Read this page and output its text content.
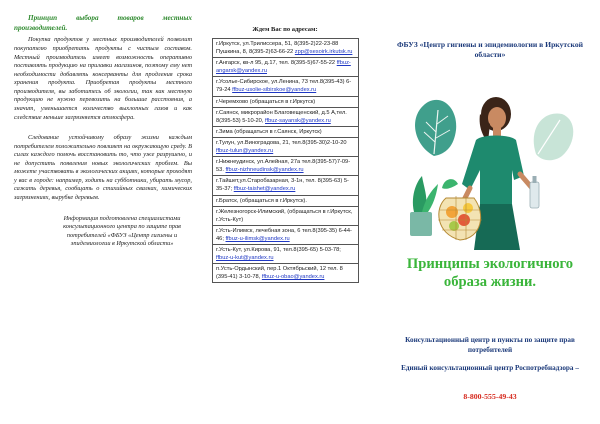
Принцип выбора товаров местных производителей.

Покупка продуктов у местных производителей позволит покупателю приобретать продукты с чистым составом. Местный производитель имеет возможность оперативно поставлять продукцию на прилавки магазинов, поэтому ему нет необходимости добавлять консерванты для продления срока хранения продукта. Приобретая продукты местного производителя, вы заботитесь об экологии, так как местную продукцию не нужно перевозить на большие расстояния, а значит, уменьшается количество выхлопных газов и как следствие меньше загрязняется атмосфера.

Следование устойчивому образу жизни каждым потребителем положительно повлияет на окружающую среду. В силах каждого помочь восстановить то, что уже разрушено, и не допустить появления новых экологических проблем. Вы можете участвовать в экологических акциях, которые проходят у вас в городе: например, ходить на субботники, убирать мусор, сажать деревья, сообщать о стихийных свалках, химических загрязнениях, вырубке деревьев.

Информация подготовлена специалистами консультационного центра по защите прав потребителей «ФБУЗ «Центр гигиены и эпидемиологии в Иркутской области»

Ждем Вас по адресам:
г.Иркутск, ул.Трилиссера, 51, 8(395-2)22-23-88 Пушкина, 8, 8(395-2)63-66-22 zpp@sesoirk.irkutsk.ru
г.Ангарск, кв-л 95, д.17, тел. 8(395-5)67-55-22 ffbuz-angarsk@yandex.ru
г.Усолье-Сибирское, ул.Ленина, 73 тел.8(395-43) 6-79-24 ffbuz-usolie-sibirskoe@yandex.ru
г.Черемхово (обращаться в г.Иркутск)
г.Саянск, микрорайон Благовещенский, д.5 А,тел. 8(395-53) 5-10-20, ffbuz-sayansk@yandex.ru
г.Зима (обращаться в г.Саянск, Иркутск)
г.Тулун, ул.Виноградова, 21, тел.8(395-30)2-10-20 ffbuz-tulun@yandex.ru
г.Нижнеудинск, ул.Алейная, 27а тел.8(395-57)7-09-53. ffbuz-nizhneudinsk@yandex.ru
г.Тайшет,ул.Старобазарная, 3-1н, тел. 8(395-63) 5-35-37; ffbuz-taishet@yandex.ru
г.Братск, (обращаться в г.Иркутск).
г.Железногорск-Илимский, (обращаться в г.Иркутск, г.Усть-Кут)
г.Усть-Илимск, лечебная зона, 6 тел.8(395-35) 6-44-46; ffbuz-u-ilimsk@yandex.ru
г.Усть-Кут, ул.Кирова, 91, тел.8(395-65) 5-03-78; ffbuz-u-kut@yandex.ru
п.Усть-Ордынский, пер.1 Октябрьский, 12 тел. 8 (395-41) 3-10-78, ffbuz-u-obao@yandex.ru
ФБУЗ «Центр гигиены и эпидемиологии в Иркутской области»
Принципы экологичного образа жизни.
Консультационный центр и пункты по защите прав потребителей
Единый консультационный центр Роспотребнадзора –
8-800-555-49-43
